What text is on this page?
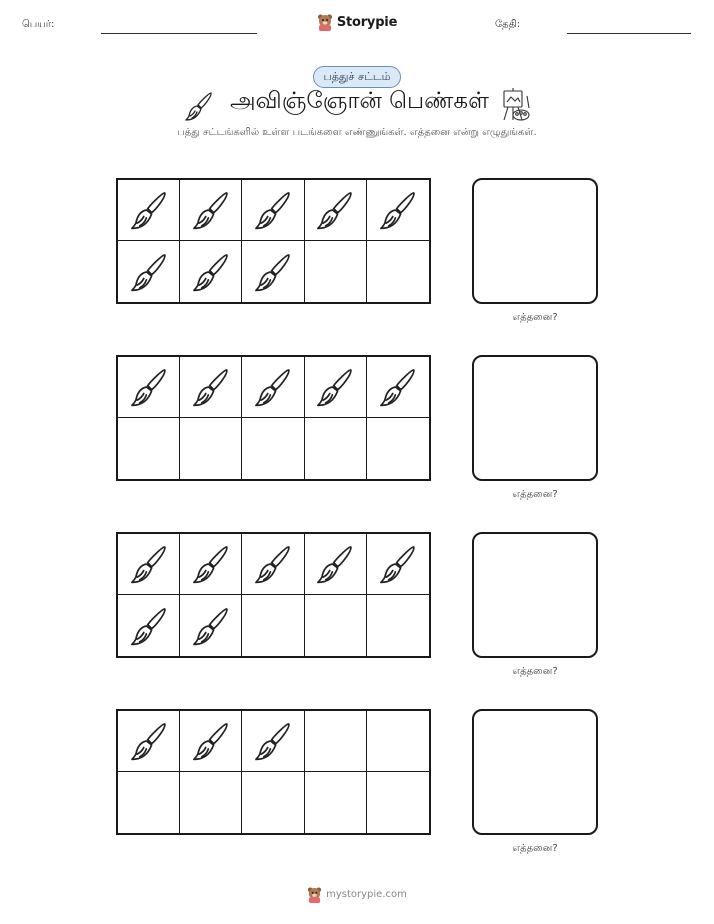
பெயர்:	Storypie	தேதி:
பத்துச் சட்டம்
அவிஞ்ஞோன் பெண்கள்
பத்து சட்டங்களில் உள்ள படங்களை எண்ணுங்கள். எத்தனை என்று எழுதுங்கள்.
எத்தனை?
எத்தனை?
எத்தனை?
எத்தனை?
mystorypie.com
